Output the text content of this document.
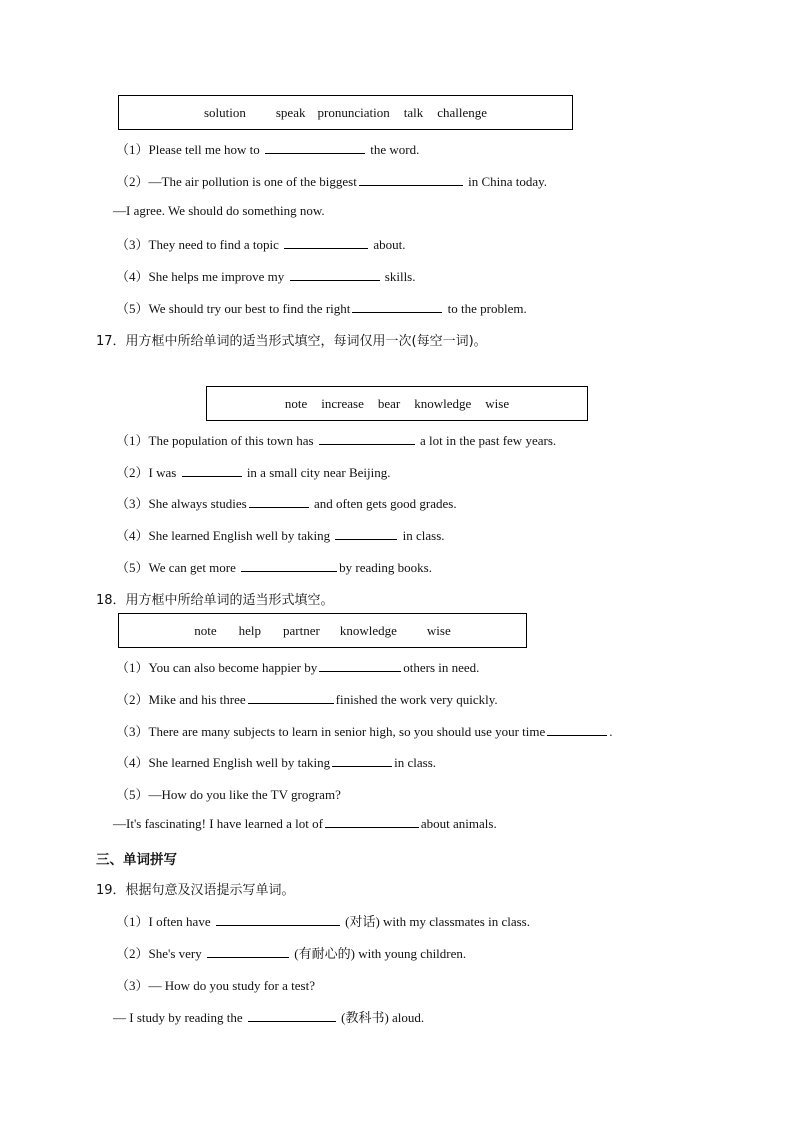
solution speak pronunciation talk challenge
（1）Please tell me how to	the word.
（2）—The air pollution is one of the biggest	in China today.
—I agree. We should do something now.
（3）They need to find a topic	about.
（4）She helps me improve my	skills.
（5）We should try our best to find the right	to the problem.
17．用方框中所给单词的适当形式填空，每词仅用一次(每空一词)。
note increase bear knowledge wise
（1）The population of this town has	a lot in the past few years.
（2）I was	in a small city near Beijing.
（3）She always studies	and often gets good grades.
（4）She learned English well by taking	in class.
（5）We can get more	by reading books.
18．用方框中所给单词的适当形式填空。
note help partner knowledge wise
（1）You can also become happier by	others in need.
（2）Mike and his three	finished the work very quickly.
（3）There are many subjects to learn in senior high, so you should use your time	.
（4）She learned English well by taking	in class.
（5）—How do you like the TV grogram?
—It's fascinating! I have learned a lot of	about animals.
三、单词拼写
19．根据句意及汉语提示写单词。
（1）I often have	(对话) with my classmates in class.
（2）She's very	(有耐心的) with young children.
（3）— How do you study for a test?
— I study by reading the	(教科书) aloud.
